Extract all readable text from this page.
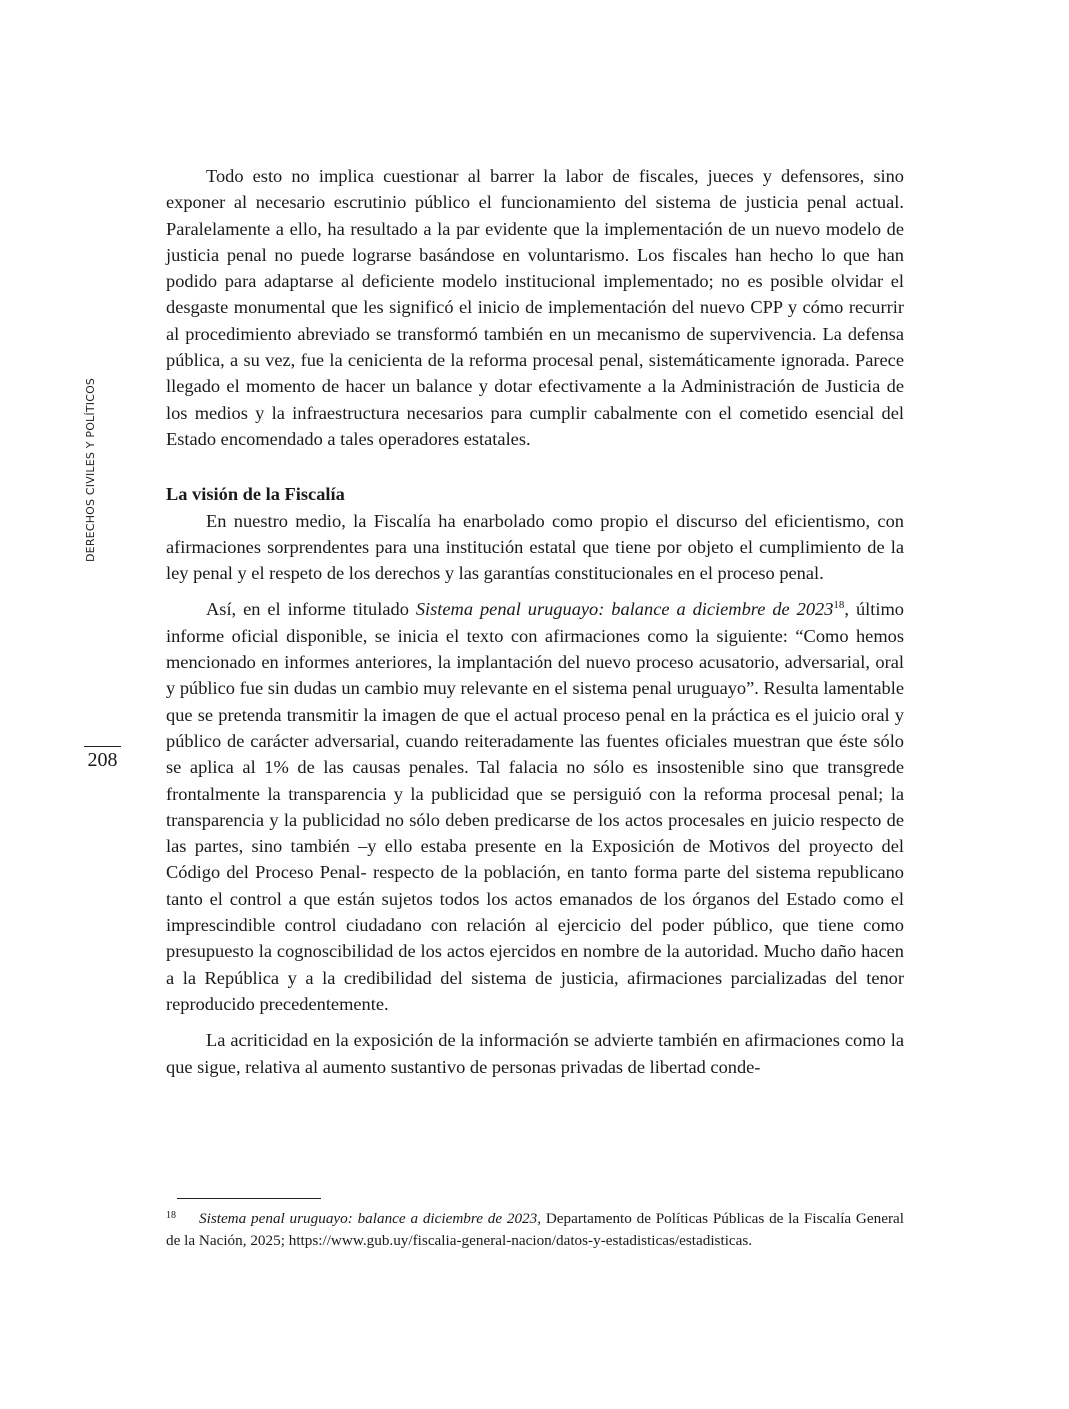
DERECHOS CIVILES Y POLÍTICOS
208

Todo esto no implica cuestionar al barrer la labor de fiscales, jueces y defensores, sino exponer al necesario escrutinio público el funcionamiento del sistema de justicia penal actual. Paralelamente a ello, ha resultado a la par evidente que la implementación de un nuevo modelo de justicia penal no puede lograrse basándose en voluntarismo. Los fiscales han hecho lo que han podido para adaptarse al deficiente modelo institucional implementado; no es posible olvidar el desgaste monumental que les significó el inicio de implementación del nuevo CPP y cómo recurrir al procedimiento abreviado se transformó también en un mecanismo de supervivencia. La defensa pública, a su vez, fue la cenicienta de la reforma procesal penal, sistemáticamente ignorada. Parece llegado el momento de hacer un balance y dotar efectivamente a la Administración de Justicia de los medios y la infraestructura necesarios para cumplir cabalmente con el cometido esencial del Estado encomendado a tales operadores estatales.

La visión de la Fiscalía

En nuestro medio, la Fiscalía ha enarbolado como propio el discurso del eficientismo, con afirmaciones sorprendentes para una institución estatal que tiene por objeto el cumplimiento de la ley penal y el respeto de los derechos y las garantías constitucionales en el proceso penal.

Así, en el informe titulado Sistema penal uruguayo: balance a diciembre de 2023$^{18}$, último informe oficial disponible, se inicia el texto con afirmaciones como la siguiente: “Como hemos mencionado en informes anteriores, la implantación del nuevo proceso acusatorio, adversarial, oral y público fue sin dudas un cambio muy relevante en el sistema penal uruguayo”. Resulta lamentable que se pretenda transmitir la imagen de que el actual proceso penal en la práctica es el juicio oral y público de carácter adversarial, cuando reiteradamente las fuentes oficiales muestran que éste sólo se aplica al 1% de las causas penales. Tal falacia no sólo es insostenible sino que transgrede frontalmente la transparencia y la publicidad que se persiguió con la reforma procesal penal; la transparencia y la publicidad no sólo deben predicarse de los actos procesales en juicio respecto de las partes, sino también –y ello estaba presente en la Exposición de Motivos del proyecto del Código del Proceso Penal- respecto de la población, en tanto forma parte del sistema republicano tanto el control a que están sujetos todos los actos emanados de los órganos del Estado como el imprescindible control ciudadano con relación al ejercicio del poder público, que tiene como presupuesto la cognoscibilidad de los actos ejercidos en nombre de la autoridad. Mucho daño hacen a la República y a la credibilidad del sistema de justicia, afirmaciones parcializadas del tenor reproducido precedentemente.

La acriticidad en la exposición de la información se advierte también en afirmaciones como la que sigue, relativa al aumento sustantivo de personas privadas de libertad conde-

18 Sistema penal uruguayo: balance a diciembre de 2023, Departamento de Políticas Públicas de la Fiscalía General de la Nación, 2025; https://www.gub.uy/fiscalia-general-nacion/datos-y-estadisticas/estadisticas.
